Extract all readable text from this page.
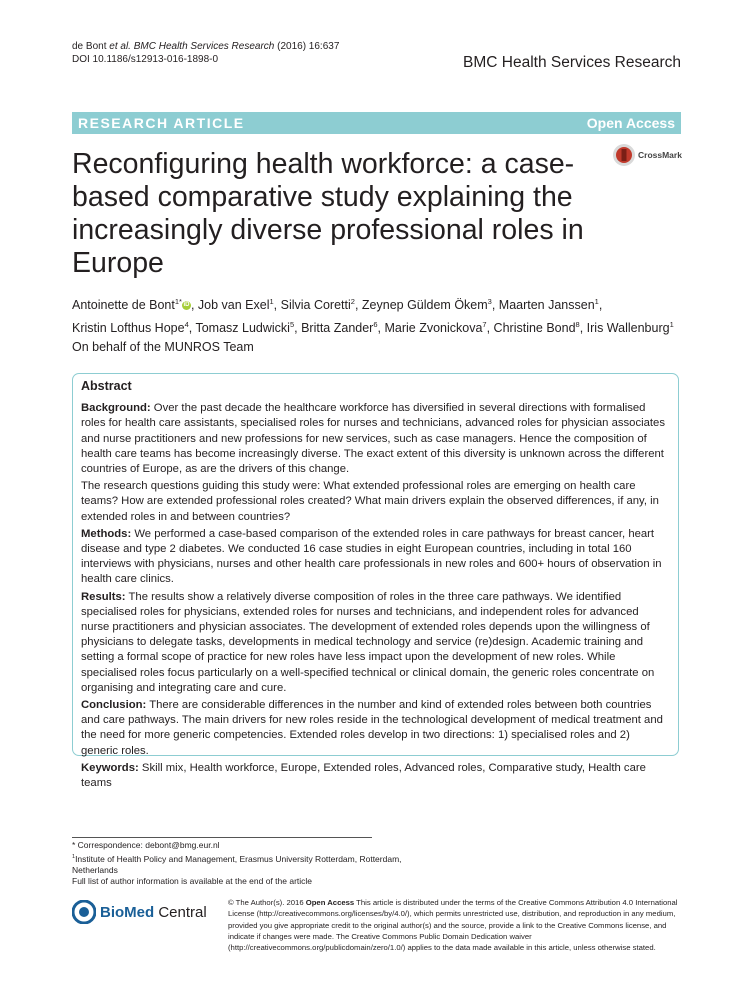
de Bont et al. BMC Health Services Research (2016) 16:637
DOI 10.1186/s12913-016-1898-0	BMC Health Services Research
RESEARCH ARTICLE	Open Access
Reconfiguring health workforce: a case-based comparative study explaining the increasingly diverse professional roles in Europe
CrossMark
Antoinette de Bont$^{1*}$ iD , Job van Exel$^1$, Silvia Coretti$^2$, Zeynep Güldem Ökem$^3$, Maarten Janssen$^1$,
Kristin Lofthus Hope$^4$, Tomasz Ludwicki$^5$, Britta Zander$^6$, Marie Zvonickova$^7$, Christine Bond$^8$, Iris Wallenburg$^1$
On behalf of the MUNROS Team
Abstract

Background: Over the past decade the healthcare workforce has diversified in several directions with formalised roles for health care assistants, specialised roles for nurses and technicians, advanced roles for physician associates and nurse practitioners and new professions for new services, such as case managers. Hence the composition of health care teams has become increasingly diverse. The exact extent of this diversity is unknown across the different countries of Europe, as are the drivers of this change.

The research questions guiding this study were: What extended professional roles are emerging on health care teams? How are extended professional roles created? What main drivers explain the observed differences, if any, in extended roles in and between countries?

Methods: We performed a case-based comparison of the extended roles in care pathways for breast cancer, heart disease and type 2 diabetes. We conducted 16 case studies in eight European countries, including in total 160 interviews with physicians, nurses and other health care professionals in new roles and 600+ hours of observation in health care clinics.

Results: The results show a relatively diverse composition of roles in the three care pathways. We identified specialised roles for physicians, extended roles for nurses and technicians, and independent roles for advanced nurse practitioners and physician associates. The development of extended roles depends upon the willingness of physicians to delegate tasks, developments in medical technology and service (re)design. Academic training and setting a formal scope of practice for new roles have less impact upon the development of new roles. While specialised roles focus particularly on a well-specified technical or clinical domain, the generic roles concentrate on organising and integrating care and cure.

Conclusion: There are considerable differences in the number and kind of extended roles between both countries and care pathways. The main drivers for new roles reside in the technological development of medical treatment and the need for more generic competencies. Extended roles develop in two directions: 1) specialised roles and 2) generic roles.

Keywords: Skill mix, Health workforce, Europe, Extended roles, Advanced roles, Comparative study, Health care teams

* Correspondence: debont@bmg.eur.nl
$^1$Institute of Health Policy and Management, Erasmus University Rotterdam, Rotterdam, Netherlands
Full list of author information is available at the end of the article
BioMed Central
© The Author(s). 2016 Open Access This article is distributed under the terms of the Creative Commons Attribution 4.0 International License (http://creativecommons.org/licenses/by/4.0/), which permits unrestricted use, distribution, and reproduction in any medium, provided you give appropriate credit to the original author(s) and the source, provide a link to the Creative Commons license, and indicate if changes were made. The Creative Commons Public Domain Dedication waiver (http://creativecommons.org/publicdomain/zero/1.0/) applies to the data made available in this article, unless otherwise stated.
